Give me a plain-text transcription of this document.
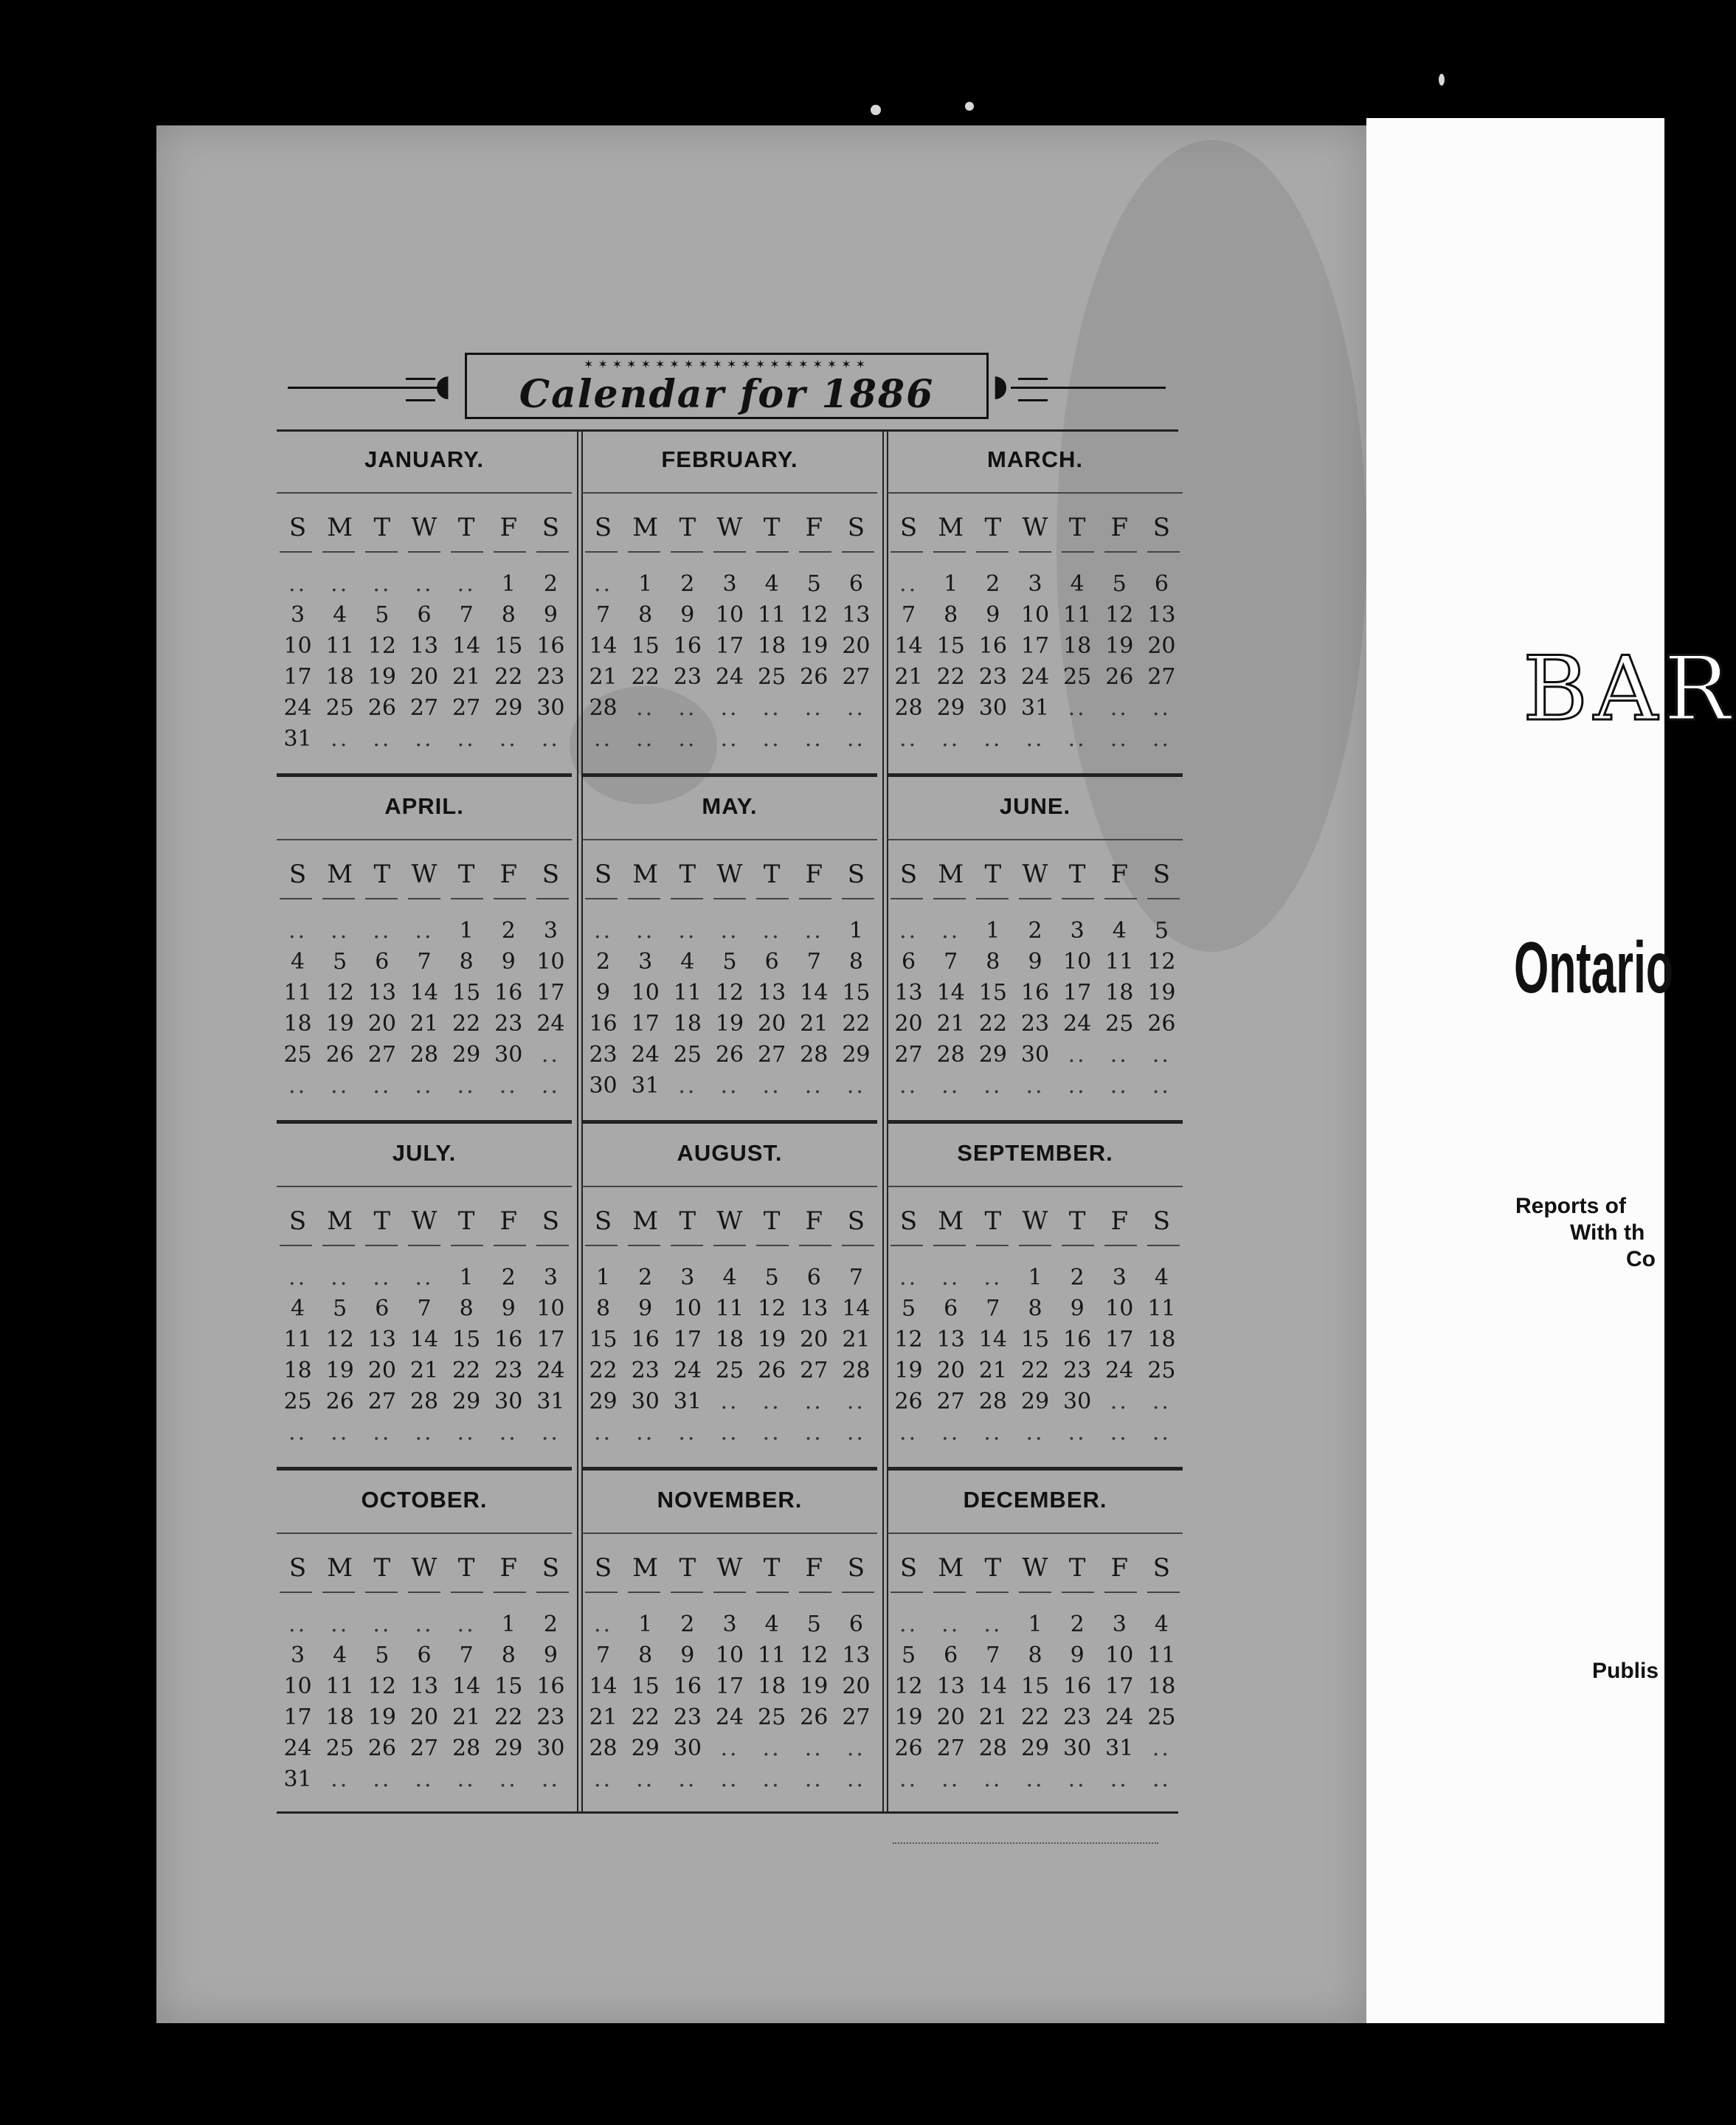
◖
✶✶✶✶✶✶✶✶✶✶✶✶✶✶✶✶✶✶✶✶
Calendar for 1886	◗
JANUARY.
S M T W T	F S
..	..	..	..	..	1	2
3	4	5	6	7	8	9
10 11 12 13 14 15 16
17 18 19 20 21 22 23
24 25 26 27 27 29 30
31 ..	..	..	..	..	..
FEBRUARY.
S M T W T	F S
..	1	2	3	4	5	6
7	8	9 10 11 12 13
14 15 16 17 18 19 20
21 22 23 24 25 26 27
28 ..	..	..	..	..	..
..	..	..	..	..	..	..
MARCH.
S M T W T	F S
..	1	2	3	4	5	6
7	8	9 10 11 12 13
14 15 16 17 18 19 20
21 22 23 24 25 26 27
28 29 30 31 ..	..	..
..	..	..	..	..	..	..
APRIL.
S M T W T	F S
..	..	..	..	1	2	3
4	5	6	7	8	9 10
11 12 13 14 15 16 17
18 19 20 21 22 23 24
25 26 27 28 29 30 ..
..	..	..	..	..	..	..
MAY.
S M T W T	F S
..	..	..	..	..	..	1
2	3	4	5	6	7	8
9 10 11 12 13 14 15
16 17 18 19 20 21 22
23 24 25 26 27 28 29
30 31 ..	..	..	..	..
JUNE.
S M T W T	F S
..	..	1	2	3	4	5
6	7	8	9 10 11 12
13 14 15 16 17 18 19
20 21 22 23 24 25 26
27 28 29 30 ..	..	..
..	..	..	..	..	..	..
JULY.
S M T W T	F S
..	..	..	..	1	2	3
4	5	6	7	8	9 10
11 12 13 14 15 16 17
18 19 20 21 22 23 24
25 26 27 28 29 30 31
..	..	..	..	..	..	..
AUGUST.
S M T W T	F S
1	2	3	4	5	6	7
8	9 10 11 12 13 14
15 16 17 18 19 20 21
22 23 24 25 26 27 28
29 30 31 ..	..	..	..
..	..	..	..	..	..	..
SEPTEMBER.
S M T W T	F S
..	..	..	1	2	3	4
5	6	7	8	9 10 11
12 13 14 15 16 17 18
19 20 21 22 23 24 25
26 27 28 29 30 ..	..
..	..	..	..	..	..	..
OCTOBER.
S M T W T	F S
..	..	..	..	..	1	2
3	4	5	6	7	8	9
10 11 12 13 14 15 16
17 18 19 20 21 22 23
24 25 26 27 28 29 30
31 ..	..	..	..	..	..
NOVEMBER.
S M T W T	F S
..	1	2	3	4	5	6
7	8	9 10 11 12 13
14 15 16 17 18 19 20
21 22 23 24 25 26 27
28 29 30 ..	..	..	..
..	..	..	..	..	..	..
DECEMBER.
S M T W T	F S
..	..	..	1	2	3	4
5	6	7	8	9 10 11
12 13 14 15 16 17 18
19 20 21 22 23 24 25
26 27 28 29 30 31 ..
..	..	..	..	..	..	..
BAR
Ontario
Reports of
With th
Co
Publis
